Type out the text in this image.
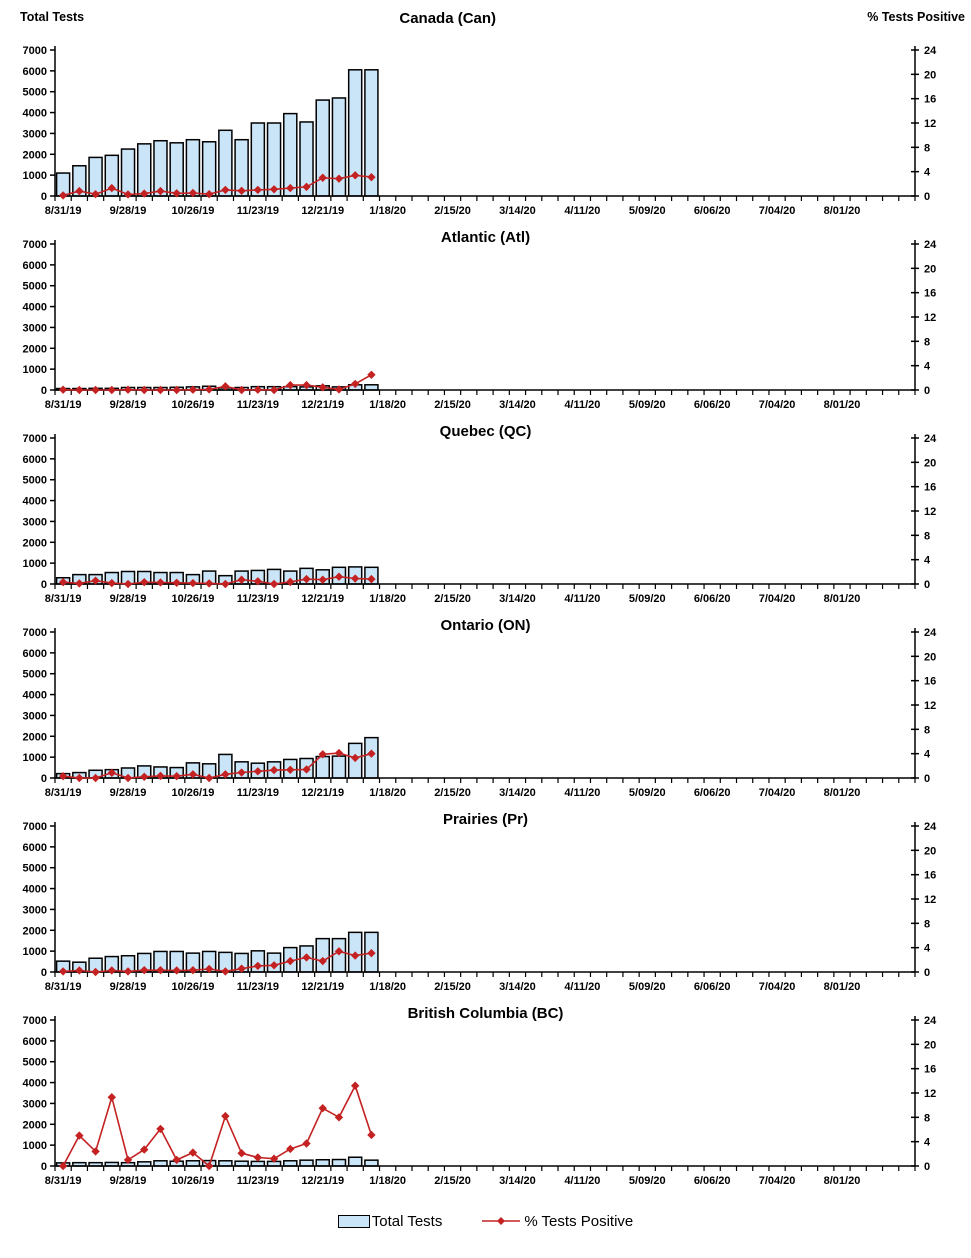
Total Tests	Canada (Can)	% Tests Positive
0
1000
2000
3000
4000
5000
6000
7000
0
4
8
12
16
20
24
8/31/19	9/28/19 10/26/19 11/23/19 12/21/19 1/18/20	2/15/20	3/14/20	4/11/20	5/09/20	6/06/20	7/04/20	8/01/20
Atlantic (Atl)
0
1000
2000
3000
4000
5000
6000
7000
0
4
8
12
16
20
24
8/31/19	9/28/19 10/26/19 11/23/19 12/21/19 1/18/20	2/15/20	3/14/20	4/11/20	5/09/20	6/06/20	7/04/20	8/01/20
Quebec (QC)
0
1000
2000
3000
4000
5000
6000
7000
0
4
8
12
16
20
24
8/31/19	9/28/19 10/26/19 11/23/19 12/21/19 1/18/20	2/15/20	3/14/20	4/11/20	5/09/20	6/06/20	7/04/20	8/01/20
Ontario (ON)
0
1000
2000
3000
4000
5000
6000
7000
0
4
8
12
16
20
24
8/31/19	9/28/19 10/26/19 11/23/19 12/21/19 1/18/20	2/15/20	3/14/20	4/11/20	5/09/20	6/06/20	7/04/20	8/01/20
Prairies (Pr)
0
1000
2000
3000
4000
5000
6000
7000
0
4
8
12
16
20
24
8/31/19	9/28/19 10/26/19 11/23/19 12/21/19 1/18/20	2/15/20	3/14/20	4/11/20	5/09/20	6/06/20	7/04/20	8/01/20
British Columbia (BC)
0
1000
2000
3000
4000
5000
6000
7000
0
4
8
12
16
20
24
8/31/19	9/28/19 10/26/19 11/23/19 12/21/19 1/18/20	2/15/20	3/14/20	4/11/20	5/09/20	6/06/20	7/04/20	8/01/20
Total Tests	% Tests Positive
